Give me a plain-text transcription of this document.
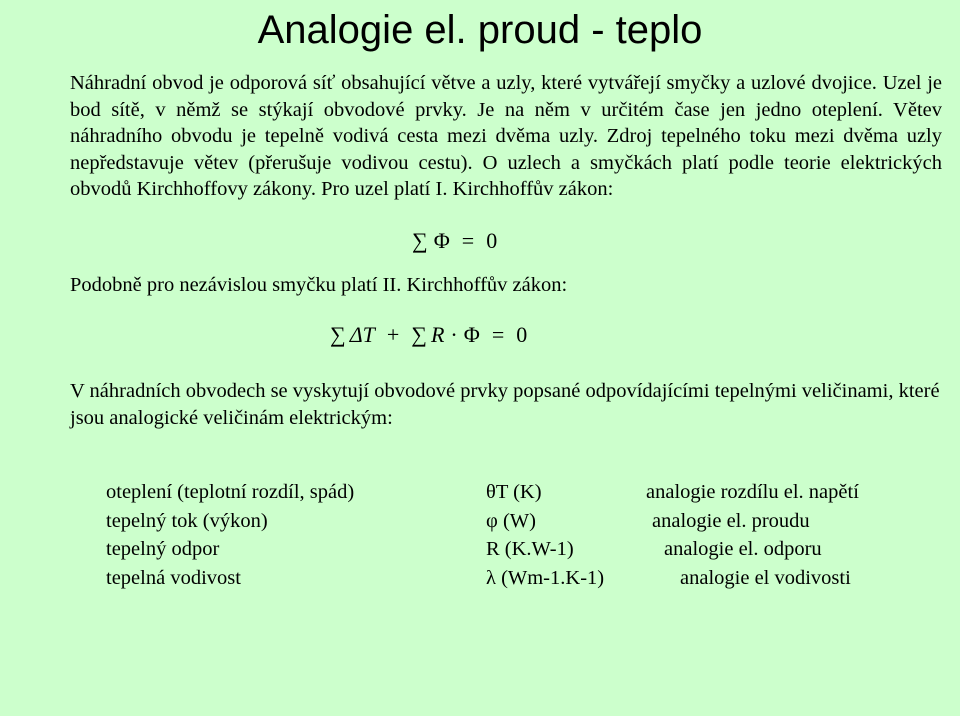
Analogie el. proud - teplo

Náhradní obvod je odporová síť obsahující větve a uzly, které vytvářejí smyčky a uzlové dvojice. Uzel je bod sítě, v němž se stýkají obvodové prvky. Je na něm v určitém čase jen jedno oteplení. Větev náhradního obvodu je tepelně vodivá cesta mezi dvěma uzly. Zdroj tepelného toku mezi dvěma uzly nepředstavuje větev (přerušuje vodivou cestu). O uzlech a smyčkách platí podle teorie elektrických obvodů Kirchhoffovy zákony. Pro uzel platí I. Kirchhoffův zákon:

∑ Φ = 0

Podobně pro nezávislou smyčku platí II. Kirchhoffův zákon:

∑ ΔT + ∑ R · Φ = 0

V náhradních obvodech se vyskytují obvodové prvky popsané odpovídajícími tepelnými veličinami, které jsou analogické veličinám elektrickým:

oteplení (teplotní rozdíl, spád)	θT (K)	analogie rozdílu el. napětí
tepelný tok (výkon)	φ (W)	analogie el. proudu
tepelný odpor	R (K.W-1)	analogie el. odporu
tepelná vodivost	λ (Wm-1.K-1)	analogie el vodivosti
